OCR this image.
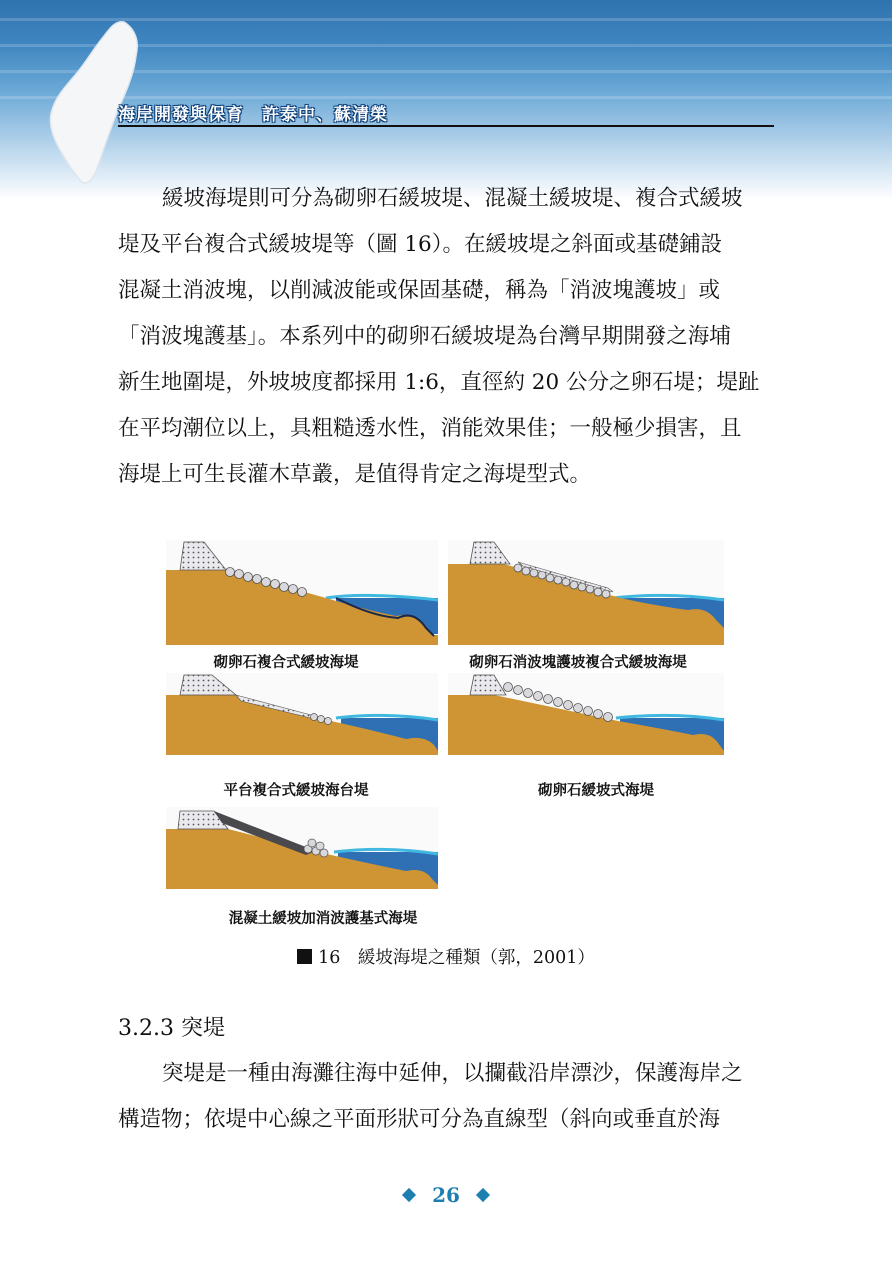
海岸開發與保育　許泰中、蘇清榮
緩坡海堤則可分為砌卵石緩坡堤、混凝土緩坡堤、複合式緩坡
堤及平台複合式緩坡堤等（圖 16）。在緩坡堤之斜面或基礎鋪設
混凝土消波塊，以削減波能或保固基礎，稱為「消波塊護坡」或
「消波塊護基」。本系列中的砌卵石緩坡堤為台灣早期開發之海埔
新生地圍堤，外坡坡度都採用 1:6，直徑約 20 公分之卵石堤；堤趾
在平均潮位以上，具粗糙透水性，消能效果佳；一般極少損害，且
海堤上可生長灌木草叢，是值得肯定之海堤型式。
砌卵石複合式緩坡海堤	砌卵石消波塊護坡複合式緩坡海堤
平台複合式緩坡海台堤	砌卵石緩坡式海堤
混凝土緩坡加消波護基式海堤
16  緩坡海堤之種類（郭，2001）
3.2.3 突堤
突堤是一種由海灘往海中延伸，以攔截沿岸漂沙，保護海岸之
構造物；依堤中心線之平面形狀可分為直線型（斜向或垂直於海
26
